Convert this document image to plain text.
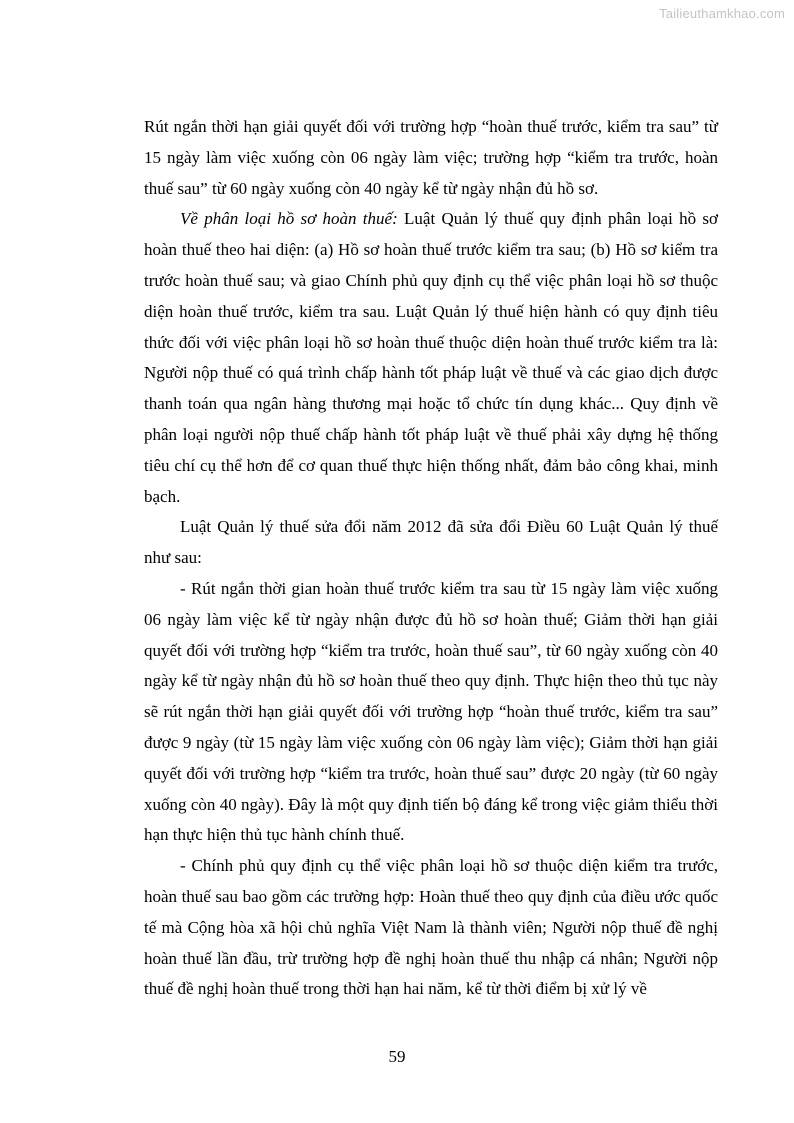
Tailieuthamkhao.com

Rút ngắn thời hạn giải quyết đối với trường hợp “hoàn thuế trước, kiểm tra sau” từ 15 ngày làm việc xuống còn 06 ngày làm việc; trường hợp “kiểm tra trước, hoàn thuế sau” từ 60 ngày xuống còn 40 ngày kể từ ngày nhận đủ hồ sơ.

Về phân loại hồ sơ hoàn thuế: Luật Quản lý thuế quy định phân loại hồ sơ hoàn thuế theo hai diện: (a) Hồ sơ hoàn thuế trước kiểm tra sau; (b) Hồ sơ kiểm tra trước hoàn thuế sau; và giao Chính phủ quy định cụ thể việc phân loại hồ sơ thuộc diện hoàn thuế trước, kiểm tra sau. Luật Quản lý thuế hiện hành có quy định tiêu thức đối với việc phân loại hồ sơ hoàn thuế thuộc diện hoàn thuế trước kiểm tra là: Người nộp thuế có quá trình chấp hành tốt pháp luật về thuế và các giao dịch được thanh toán qua ngân hàng thương mại hoặc tổ chức tín dụng khác... Quy định về phân loại người nộp thuế chấp hành tốt pháp luật về thuế phải xây dựng hệ thống tiêu chí cụ thể hơn để cơ quan thuế thực hiện thống nhất, đảm bảo công khai, minh bạch.

Luật Quản lý thuế sửa đổi năm 2012 đã sửa đổi Điều 60 Luật Quản lý thuế như sau:

- Rút ngắn thời gian hoàn thuế trước kiểm tra sau từ 15 ngày làm việc xuống 06 ngày làm việc kể từ ngày nhận được đủ hồ sơ hoàn thuế; Giảm thời hạn giải quyết đối với trường hợp “kiểm tra trước, hoàn thuế sau”, từ 60 ngày xuống còn 40 ngày kể từ ngày nhận đủ hồ sơ hoàn thuế theo quy định. Thực hiện theo thủ tục này sẽ rút ngắn thời hạn giải quyết đối với trường hợp “hoàn thuế trước, kiểm tra sau” được 9 ngày (từ 15 ngày làm việc xuống còn 06 ngày làm việc); Giảm thời hạn giải quyết đối với trường hợp “kiểm tra trước, hoàn thuế sau” được 20 ngày (từ 60 ngày xuống còn 40 ngày). Đây là một quy định tiến bộ đáng kể trong việc giảm thiểu thời hạn thực hiện thủ tục hành chính thuế.

- Chính phủ quy định cụ thể việc phân loại hồ sơ thuộc diện kiểm tra trước, hoàn thuế sau bao gồm các trường hợp: Hoàn thuế theo quy định của điều ước quốc tế mà Cộng hòa xã hội chủ nghĩa Việt Nam là thành viên; Người nộp thuế đề nghị hoàn thuế lần đầu, trừ trường hợp đề nghị hoàn thuế thu nhập cá nhân; Người nộp thuế đề nghị hoàn thuế trong thời hạn hai năm, kể từ thời điểm bị xử lý về

59
